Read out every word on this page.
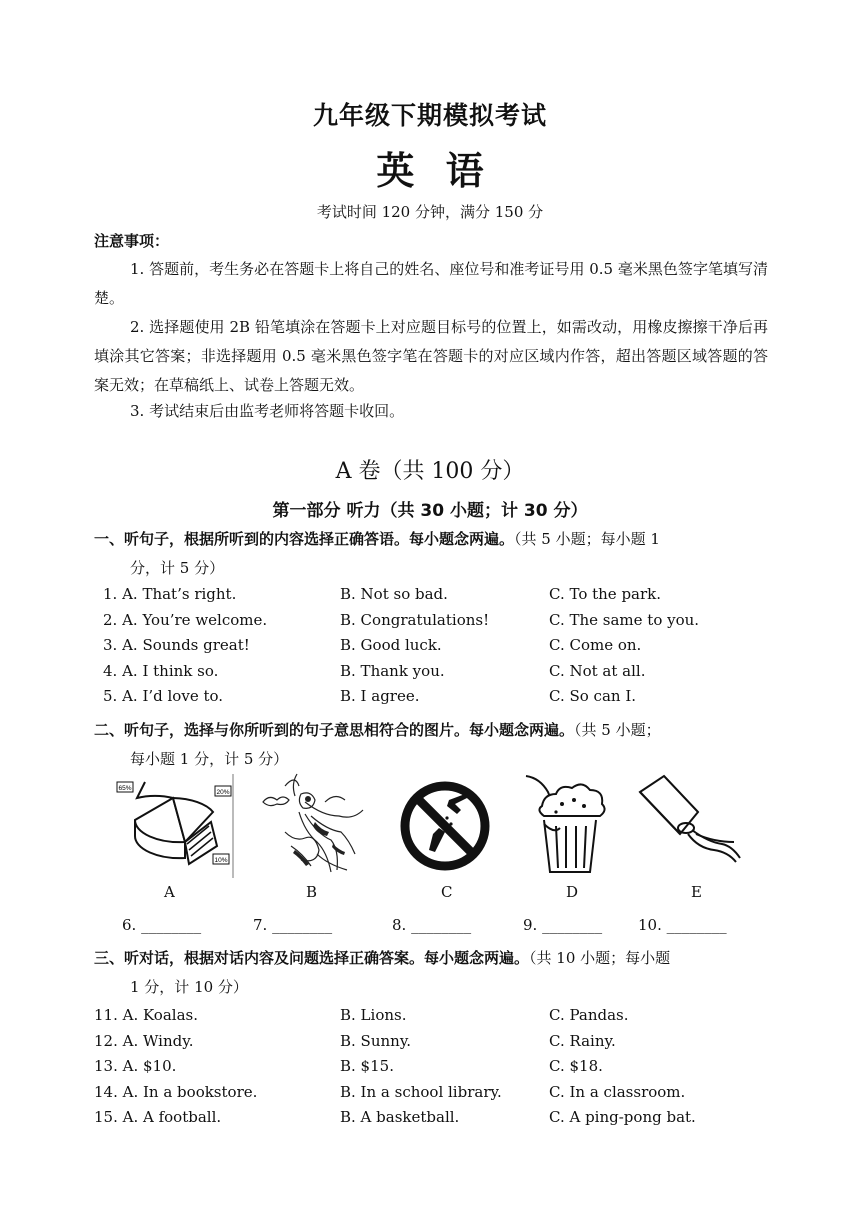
九年级下期模拟考试
英 语
考试时间 120 分钟，满分 150 分
注意事项：
1. 答题前，考生务必在答题卡上将自己的姓名、座位号和准考证号用 0.5 毫米黑色签字笔填写清楚。
2. 选择题使用 2B 铅笔填涂在答题卡上对应题目标号的位置上，如需改动，用橡皮擦擦干净后再填涂其它答案；非选择题用 0.5 毫米黑色签字笔在答题卡的对应区域内作答，超出答题区域答题的答案无效；在草稿纸上、试卷上答题无效。
3. 考试结束后由监考老师将答题卡收回。
A 卷（共 100 分）
第一部分 听力（共 30 小题；计 30 分）
一、听句子，根据所听到的内容选择正确答语。每小题念两遍。（共 5 小题；每小题 1
分，计 5 分）
1. A. That’s right.	B. Not so bad.	C. To the park.
2. A. You’re welcome.	B. Congratulations!	C. The same to you.
3. A. Sounds great!	B. Good luck.	C. Come on.
4. A. I think so.	B. Thank you.	C. Not at all.
5. A. I’d love to.	B. I agree.	C. So can I.
二、听句子，选择与你所听到的句子意思相符合的图片。每小题念两遍。（共 5 小题；
每小题 1 分，计 5 分）
65%
20%
10%
A	B	C	D	E
6. ________	7. ________	8. ________	9. ________ 10. ________
三、听对话，根据对话内容及问题选择正确答案。每小题念两遍。（共 10 小题；每小题
1 分，计 10 分）
11. A. Koalas.	B. Lions.	C. Pandas.
12. A. Windy.	B. Sunny.	C. Rainy.
13. A. $10.	B. $15.	C. $18.
14. A. In a bookstore.	B. In a school library.	C. In a classroom.
15. A. A football.	B. A basketball.	C. A ping-pong bat.
